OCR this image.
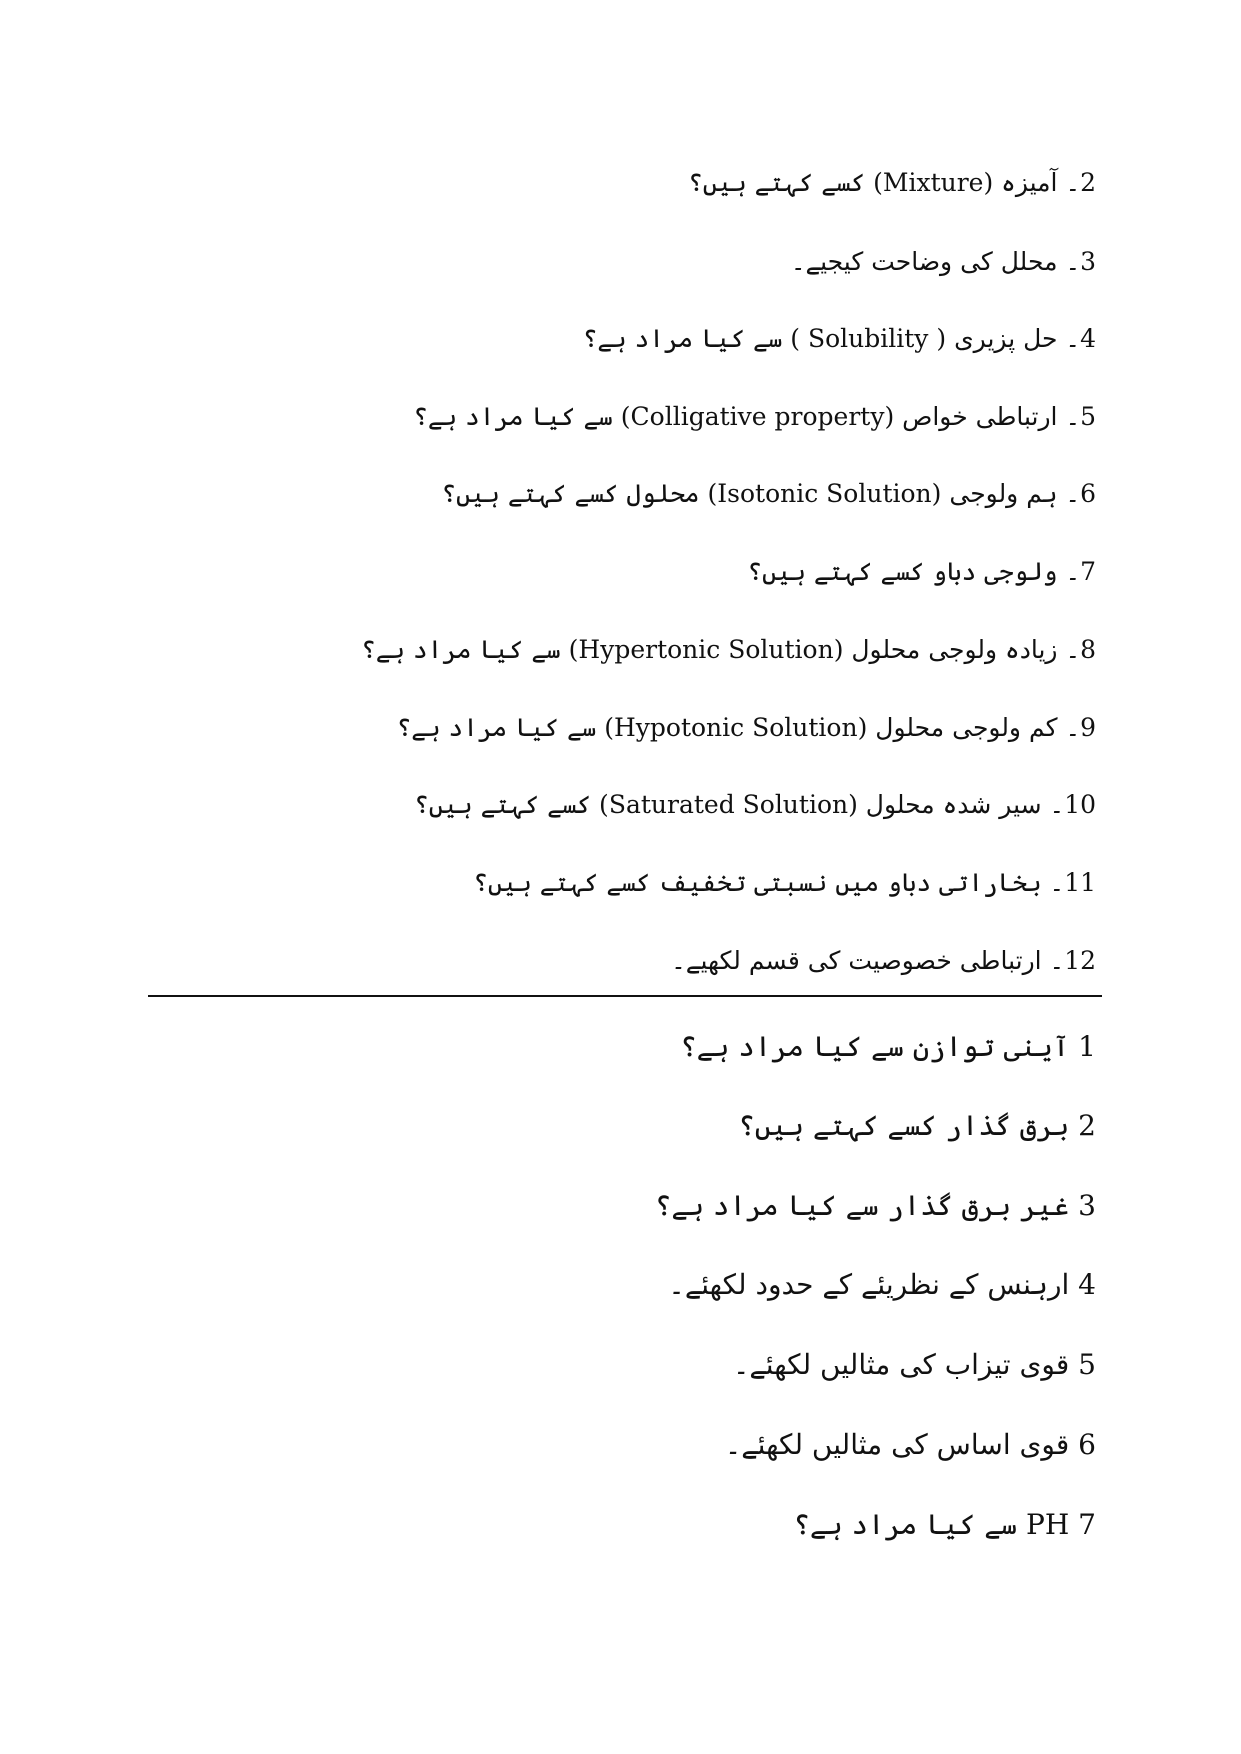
2۔ آمیزہ (Mixture) کسے کہتے ہیں؟
3۔ محلل کی وضاحت کیجیے۔
4۔ حل پزیری ( Solubility ) سے کیا مراد ہے؟
5۔ ارتباطی خواص (Colligative property) سے کیا مراد ہے؟
6۔ ہم ولوجی (Isotonic Solution) محلول کسے کہتے ہیں؟
7۔ ولوجی دباو کسے کہتے ہیں؟
8۔ زیادہ ولوجی محلول (Hypertonic Solution) سے کیا مراد ہے؟
9۔ کم ولوجی محلول (Hypotonic Solution) سے کیا مراد ہے؟
10۔ سیر شدہ محلول (Saturated Solution) کسے کہتے ہیں؟
11۔ بخاراتی دباو میں نسبتی تخفیف کسے کہتے ہیں؟
12۔ ارتباطی خصوصیت کی قسم لکھیے۔
1 آینی توازن سے کیا مراد ہے؟
2 برق گذار کسے کہتے ہیں؟
3 غیر برق گذار سے کیا مراد ہے؟
4 ارہنس کے نظریئے کے حدود لکھئے۔
5 قوی تیزاب کی مثالیں لکھئے۔
6 قوی اساس کی مثالیں لکھئے۔
7 PH سے کیا مراد ہے؟
